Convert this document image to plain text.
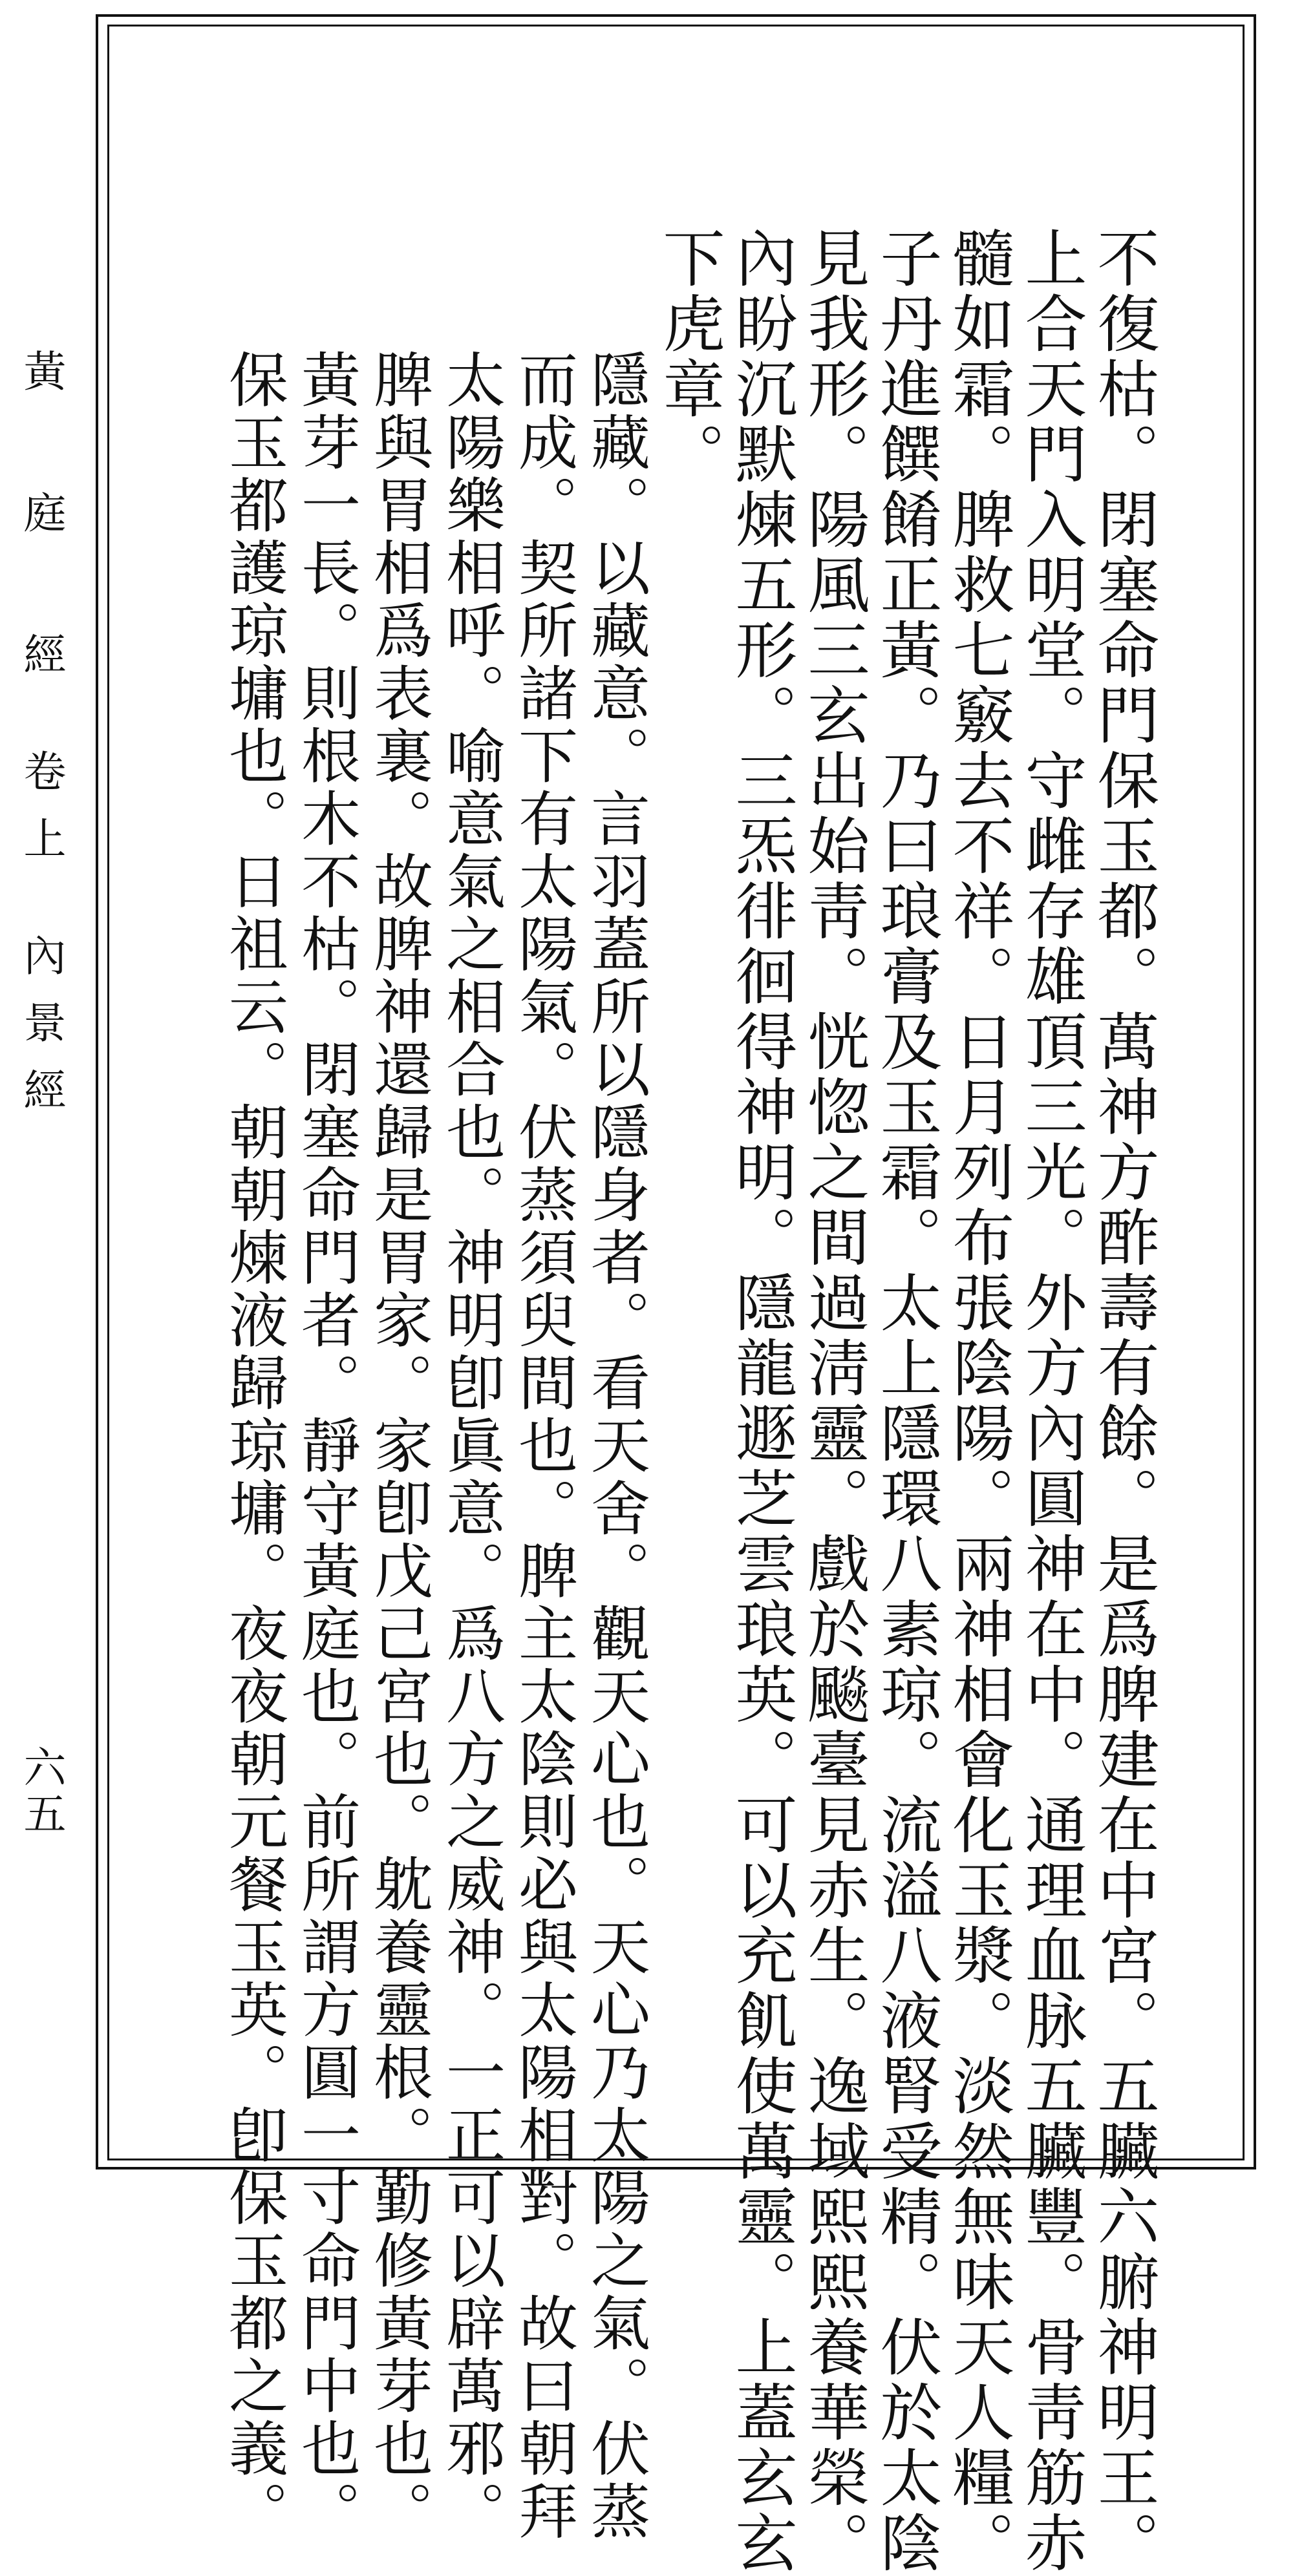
黃 庭 經 卷上 內景經
六五	不復枯。閉塞命門保玉都。萬神方酢壽有餘。是爲脾建在中宮。五臟六腑神明王。
上合天門入明堂。守雌存雄頂三光。外方內圓神在中。通理血脉五臟豐。骨靑筋赤
髓如霜。脾救七竅去不祥。日月列布張陰陽。兩神相會化玉漿。淡然無味天人糧。
子丹進饌餚正黃。乃曰琅膏及玉霜。太上隱環八素琼。流溢八液腎受精。伏於太陰
見我形。陽風三玄出始靑。恍惚之間過淸靈。戲於飈臺見赤生。逸域熙熙養華榮。
內盼沉默煉五形。三炁徘徊得神明。隱龍遯芝雲琅英。可以充飢使萬靈。上蓋玄玄
下虎章。
隱藏。以藏意。言羽蓋所以隱身者。看天舍。觀天心也。天心乃太陽之氣。伏蒸
而成。契所諸下有太陽氣。伏蒸須臾間也。脾主太陰則必與太陽相對。故曰朝拜
太陽樂相呼。喻意氣之相合也。神明卽眞意。爲八方之威神。一正可以辟萬邪。
脾與胃相爲表裏。故脾神還歸是胃家。家卽戊己宮也。躭養靈根。勤修黃芽也。
黃芽一長。則根木不枯。閉塞命門者。靜守黃庭也。前所謂方圓一寸命門中也。
保玉都護琼墉也。日祖云。朝朝煉液歸琼墉。夜夜朝元餐玉英。卽保玉都之義。
